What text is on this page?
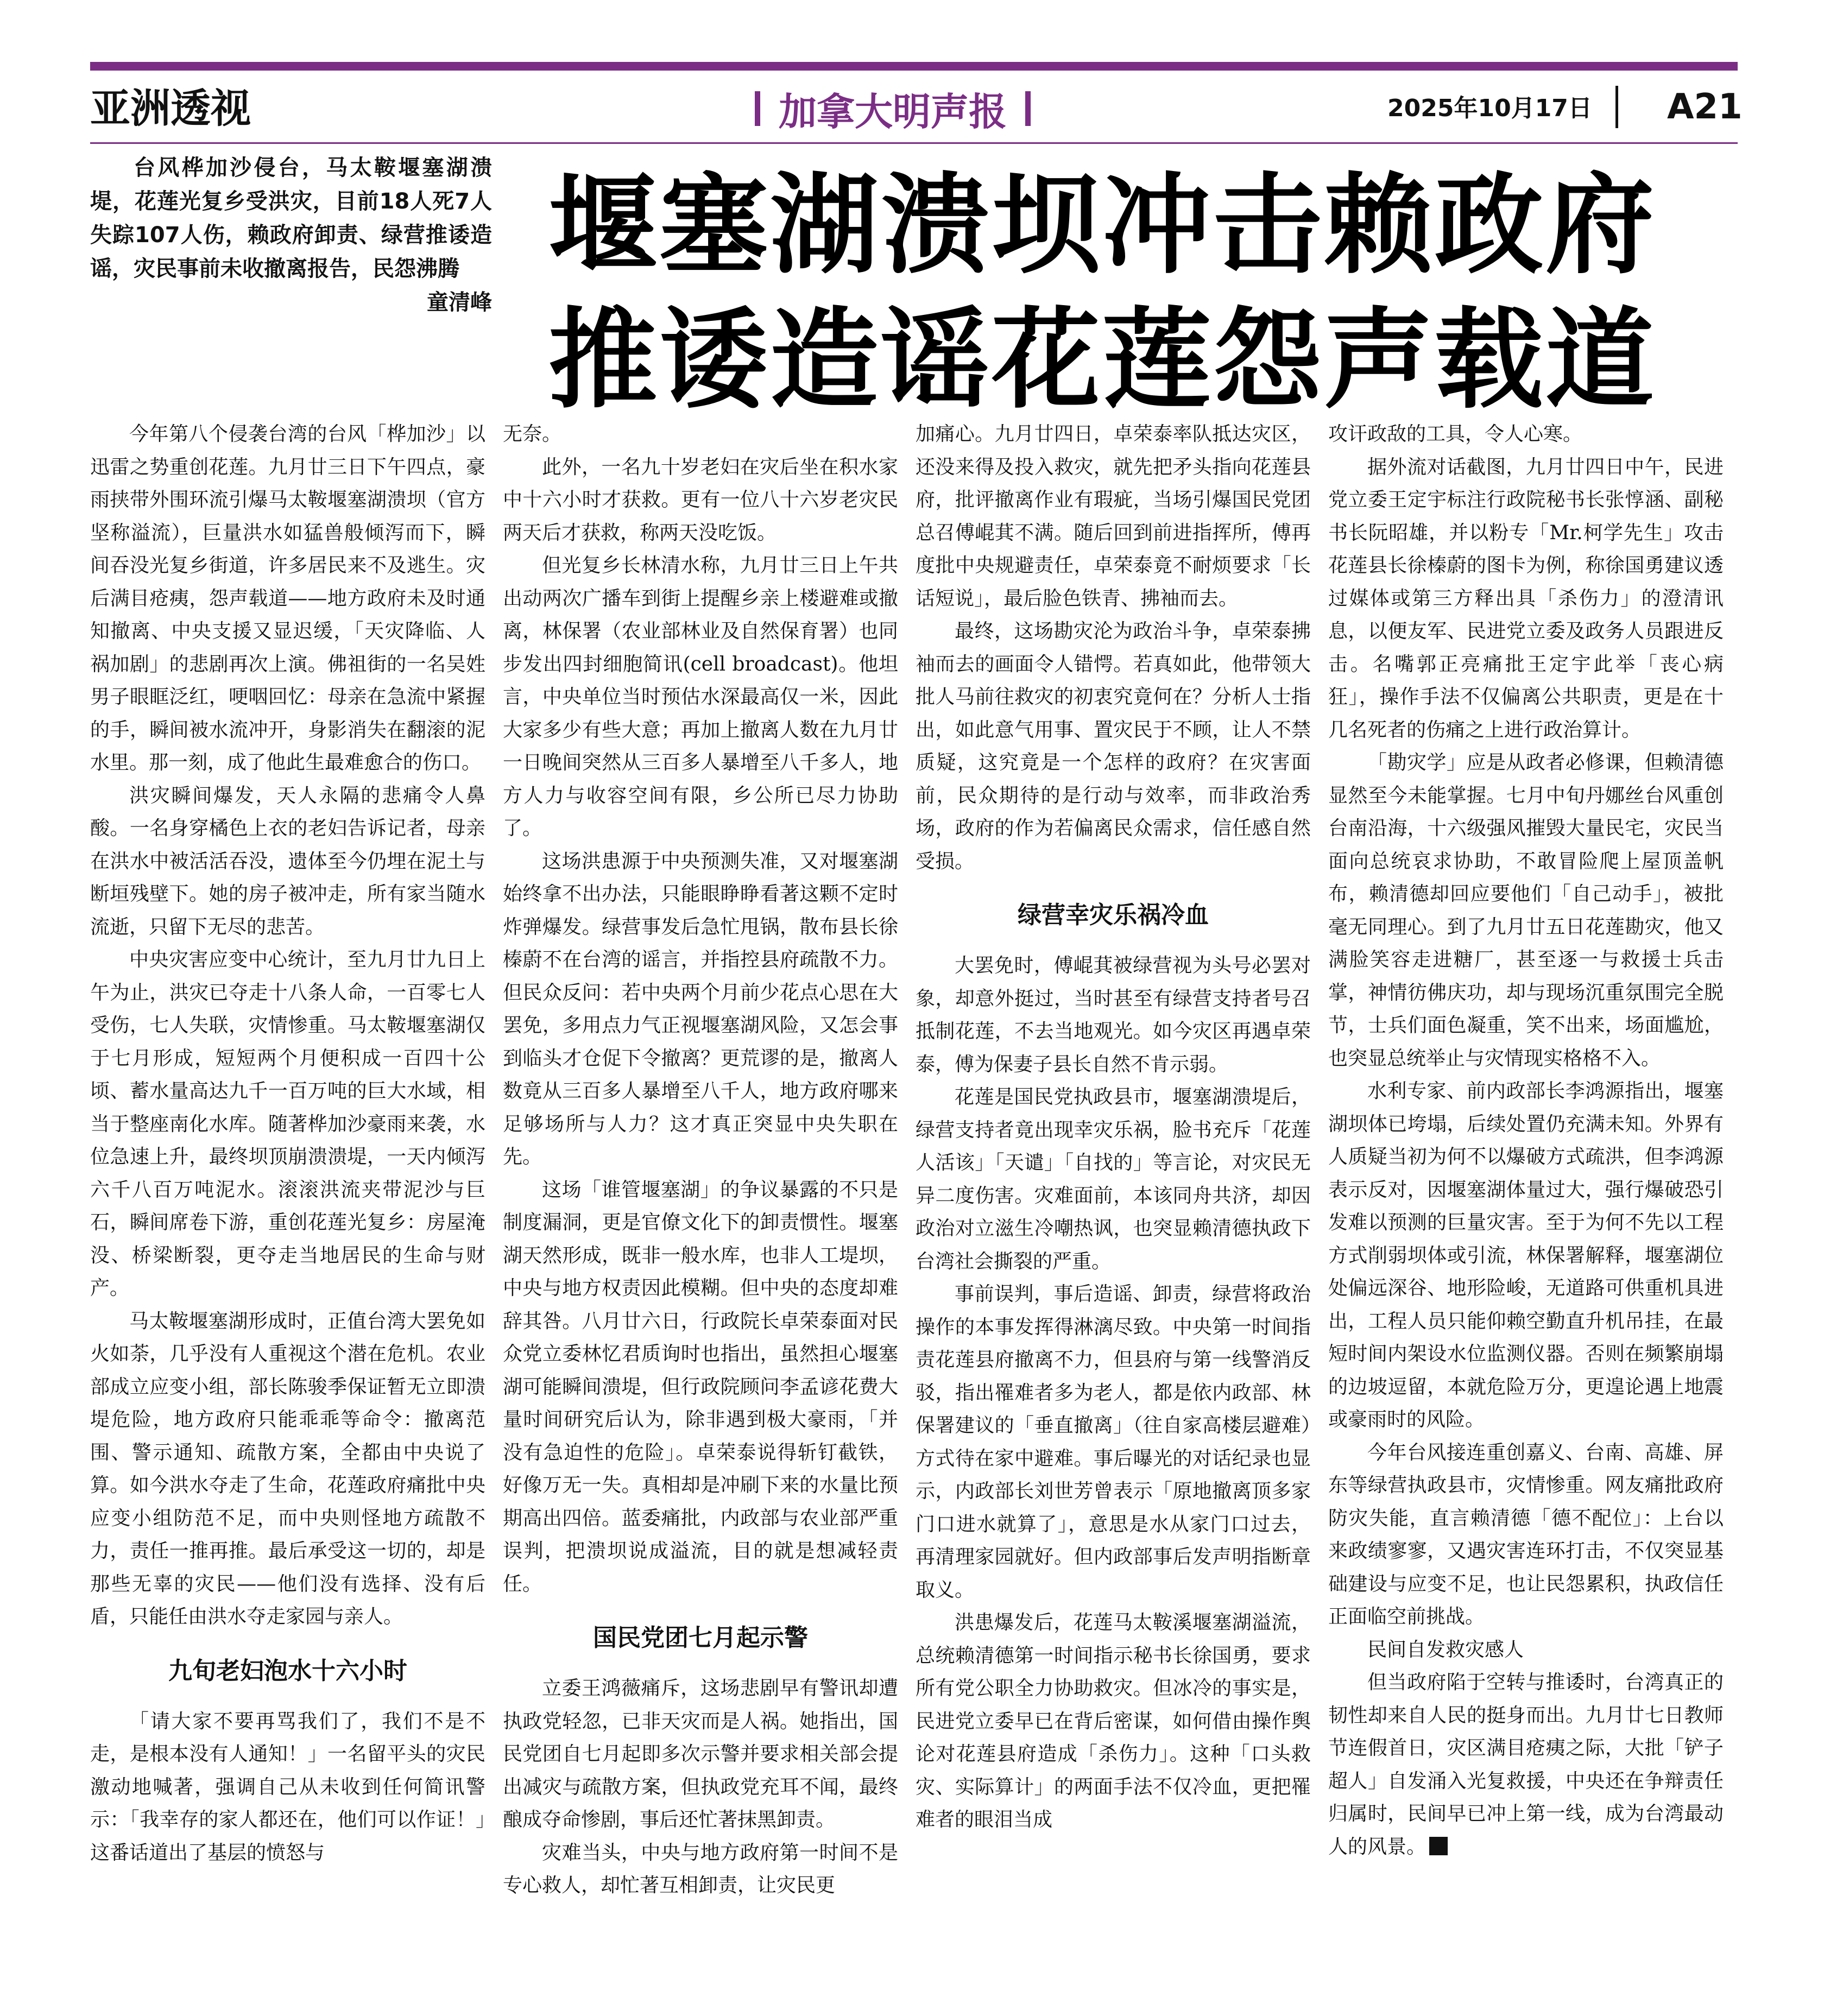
亚洲透视	加拿大 明声报	2025年10月17日 A21
台风桦加沙侵台，马太鞍堰塞湖溃堤，花莲光复乡受洪灾，目前18人死7人失踪107人伤，赖政府卸责、绿营推诿造谣，灾民事前未收撤离报告，民怨沸腾
童清峰
堰塞湖溃坝冲击赖政府
推诿造谣花莲怨声载道

今年第八个侵袭台湾的台风「桦加沙」以迅雷之势重创花莲。九月廿三日下午四点，豪雨挟带外围环流引爆马太鞍堰塞湖溃坝（官方坚称溢流），巨量洪水如猛兽般倾泻而下，瞬间吞没光复乡街道，许多居民来不及逃生。灾后满目疮痍，怨声载道——地方政府未及时通知撤离、中央支援又显迟缓，「天灾降临、人祸加剧」的悲剧再次上演。佛祖街的一名吴姓男子眼眶泛红，哽咽回忆：母亲在急流中紧握的手，瞬间被水流冲开，身影消失在翻滚的泥水里。那一刻，成了他此生最难愈合的伤口。

洪灾瞬间爆发，天人永隔的悲痛令人鼻酸。一名身穿橘色上衣的老妇告诉记者，母亲在洪水中被活活吞没，遗体至今仍埋在泥土与断垣残壁下。她的房子被冲走，所有家当随水流逝，只留下无尽的悲苦。

中央灾害应变中心统计，至九月廿九日上午为止，洪灾已夺走十八条人命，一百零七人受伤，七人失联，灾情惨重。马太鞍堰塞湖仅于七月形成，短短两个月便积成一百四十公顷、蓄水量高达九千一百万吨的巨大水域，相当于整座南化水库。随著桦加沙豪雨来袭，水位急速上升，最终坝顶崩溃溃堤，一天内倾泻六千八百万吨泥水。滚滚洪流夹带泥沙与巨石，瞬间席卷下游，重创花莲光复乡：房屋淹没、桥梁断裂，更夺走当地居民的生命与财产。

马太鞍堰塞湖形成时，正值台湾大罢免如火如荼，几乎没有人重视这个潜在危机。农业部成立应变小组，部长陈骏季保证暂无立即溃堤危险，地方政府只能乖乖等命令：撤离范围、警示通知、疏散方案，全都由中央说了算。如今洪水夺走了生命，花莲政府痛批中央应变小组防范不足，而中央则怪地方疏散不力，责任一推再推。最后承受这一切的，却是那些无辜的灾民——他们没有选择、没有后盾，只能任由洪水夺走家园与亲人。

九旬老妇泡水十六小时

「请大家不要再骂我们了，我们不是不走，是根本没有人通知！」一名留平头的灾民激动地喊著，强调自己从未收到任何简讯警示：「我幸存的家人都还在，他们可以作证！」这番话道出了基层的愤怒与

无奈。

此外，一名九十岁老妇在灾后坐在积水家中十六小时才获救。更有一位八十六岁老灾民两天后才获救，称两天没吃饭。

但光复乡长林清水称，九月廿三日上午共出动两次广播车到街上提醒乡亲上楼避难或撤离，林保署（农业部林业及自然保育署）也同步发出四封细胞简讯(cell broadcast)。他坦言，中央单位当时预估水深最高仅一米，因此大家多少有些大意；再加上撤离人数在九月廿一日晚间突然从三百多人暴增至八千多人，地方人力与收容空间有限，乡公所已尽力协助了。

这场洪患源于中央预测失准，又对堰塞湖始终拿不出办法，只能眼睁睁看著这颗不定时炸弹爆发。绿营事发后急忙甩锅，散布县长徐榛蔚不在台湾的谣言，并指控县府疏散不力。但民众反问：若中央两个月前少花点心思在大罢免，多用点力气正视堰塞湖风险，又怎会事到临头才仓促下令撤离？更荒谬的是，撤离人数竟从三百多人暴增至八千人，地方政府哪来足够场所与人力？这才真正突显中央失职在先。

这场「谁管堰塞湖」的争议暴露的不只是制度漏洞，更是官僚文化下的卸责惯性。堰塞湖天然形成，既非一般水库，也非人工堤坝，中央与地方权责因此模糊。但中央的态度却难辞其咎。八月廿六日，行政院长卓荣泰面对民众党立委林忆君质询时也指出，虽然担心堰塞湖可能瞬间溃堤，但行政院顾问李孟谚花费大量时间研究后认为，除非遇到极大豪雨，「并没有急迫性的危险」。卓荣泰说得斩钉截铁，好像万无一失。真相却是冲刷下来的水量比预期高出四倍。蓝委痛批，内政部与农业部严重误判，把溃坝说成溢流，目的就是想减轻责任。

国民党团七月起示警

立委王鸿薇痛斥，这场悲剧早有警讯却遭执政党轻忽，已非天灾而是人祸。她指出，国民党团自七月起即多次示警并要求相关部会提出减灾与疏散方案，但执政党充耳不闻，最终酿成夺命惨剧，事后还忙著抹黑卸责。

灾难当头，中央与地方政府第一时间不是专心救人，却忙著互相卸责，让灾民更

加痛心。九月廿四日，卓荣泰率队抵达灾区，还没来得及投入救灾，就先把矛头指向花莲县府，批评撤离作业有瑕疵，当场引爆国民党团总召傅崐萁不满。随后回到前进指挥所，傅再度批中央规避责任，卓荣泰竟不耐烦要求「长话短说」，最后脸色铁青、拂袖而去。

最终，这场勘灾沦为政治斗争，卓荣泰拂袖而去的画面令人错愕。若真如此，他带领大批人马前往救灾的初衷究竟何在？分析人士指出，如此意气用事、置灾民于不顾，让人不禁质疑，这究竟是一个怎样的政府？在灾害面前，民众期待的是行动与效率，而非政治秀场，政府的作为若偏离民众需求，信任感自然受损。

绿营幸灾乐祸冷血

大罢免时，傅崐萁被绿营视为头号必罢对象，却意外挺过，当时甚至有绿营支持者号召抵制花莲，不去当地观光。如今灾区再遇卓荣泰，傅为保妻子县长自然不肯示弱。

花莲是国民党执政县市，堰塞湖溃堤后，绿营支持者竟出现幸灾乐祸，脸书充斥「花莲人活该」「天谴」「自找的」等言论，对灾民无异二度伤害。灾难面前，本该同舟共济，却因政治对立滋生冷嘲热讽，也突显赖清德执政下台湾社会撕裂的严重。

事前误判，事后造谣、卸责，绿营将政治操作的本事发挥得淋漓尽致。中央第一时间指责花莲县府撤离不力，但县府与第一线警消反驳，指出罹难者多为老人，都是依内政部、林保署建议的「垂直撤离」（往自家高楼层避难）方式待在家中避难。事后曝光的对话纪录也显示，内政部长刘世芳曾表示「原地撤离顶多家门口进水就算了」，意思是水从家门口过去，再清理家园就好。但内政部事后发声明指断章取义。

洪患爆发后，花莲马太鞍溪堰塞湖溢流，总统赖清德第一时间指示秘书长徐国勇，要求所有党公职全力协助救灾。但冰冷的事实是，民进党立委早已在背后密谋，如何借由操作舆论对花莲县府造成「杀伤力」。这种「口头救灾、实际算计」的两面手法不仅冷血，更把罹难者的眼泪当成

攻讦政敌的工具，令人心寒。

据外流对话截图，九月廿四日中午，民进党立委王定宇标注行政院秘书长张惇涵、副秘书长阮昭雄，并以粉专「Mr.柯学先生」攻击花莲县长徐榛蔚的图卡为例，称徐国勇建议透过媒体或第三方释出具「杀伤力」的澄清讯息，以便友军、民进党立委及政务人员跟进反击。名嘴郭正亮痛批王定宇此举「丧心病狂」，操作手法不仅偏离公共职责，更是在十几名死者的伤痛之上进行政治算计。

「勘灾学」应是从政者必修课，但赖清德显然至今未能掌握。七月中旬丹娜丝台风重创台南沿海，十六级强风摧毁大量民宅，灾民当面向总统哀求协助，不敢冒险爬上屋顶盖帆布，赖清德却回应要他们「自己动手」，被批毫无同理心。到了九月廿五日花莲勘灾，他又满脸笑容走进糖厂，甚至逐一与救援士兵击掌，神情彷佛庆功，却与现场沉重氛围完全脱节，士兵们面色凝重，笑不出来，场面尴尬，也突显总统举止与灾情现实格格不入。

水利专家、前内政部长李鸿源指出，堰塞湖坝体已垮塌，后续处置仍充满未知。外界有人质疑当初为何不以爆破方式疏洪，但李鸿源表示反对，因堰塞湖体量过大，强行爆破恐引发难以预测的巨量灾害。至于为何不先以工程方式削弱坝体或引流，林保署解释，堰塞湖位处偏远深谷、地形险峻，无道路可供重机具进出，工程人员只能仰赖空勤直升机吊挂，在最短时间内架设水位监测仪器。否则在频繁崩塌的边坡逗留，本就危险万分，更遑论遇上地震或豪雨时的风险。

今年台风接连重创嘉义、台南、高雄、屏东等绿营执政县市，灾情惨重。网友痛批政府防灾失能，直言赖清德「德不配位」：上台以来政绩寥寥，又遇灾害连环打击，不仅突显基础建设与应变不足，也让民怨累积，执政信任正面临空前挑战。

民间自发救灾感人

但当政府陷于空转与推诿时，台湾真正的韧性却来自人民的挺身而出。九月廿七日教师节连假首日，灾区满目疮痍之际，大批「铲子超人」自发涌入光复救援，中央还在争辩责任归属时，民间早已冲上第一线，成为台湾最动人的风景。
